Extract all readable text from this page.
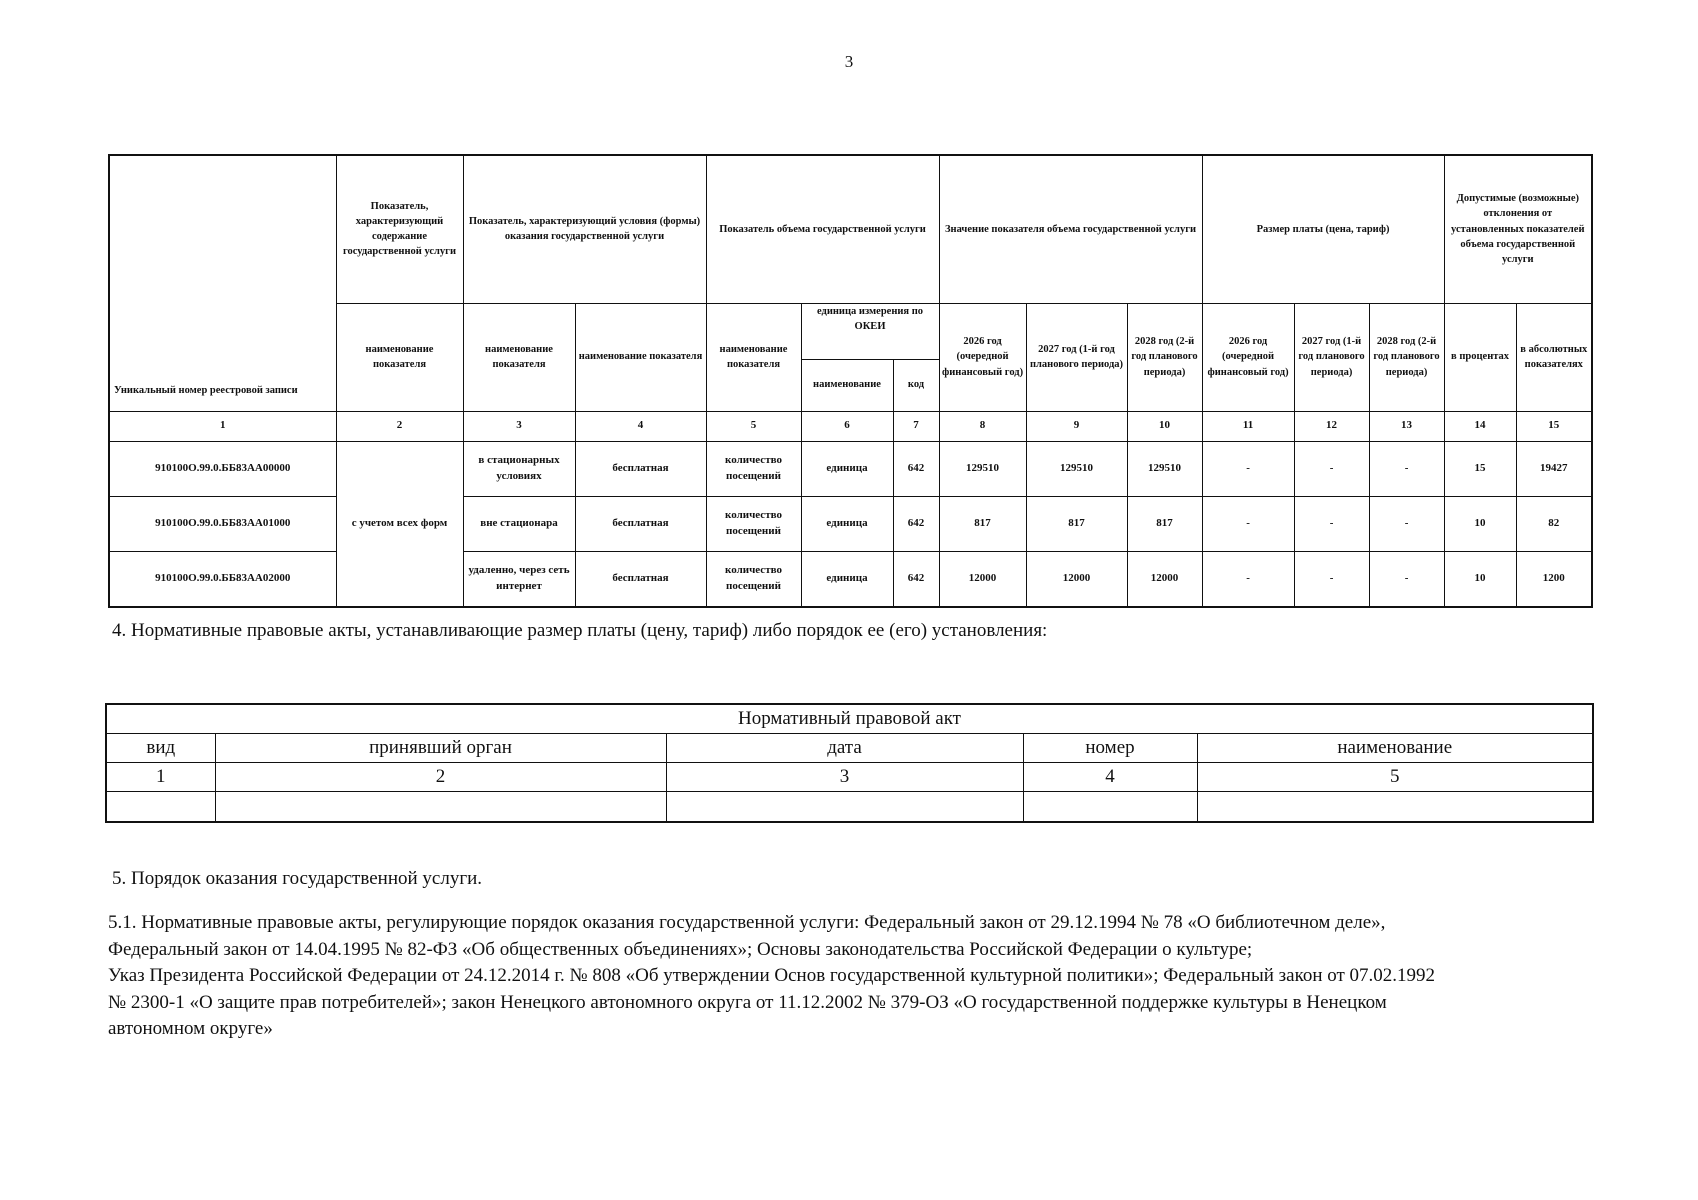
3
Уникальный номер реестровой записи	Показатель, характеризующий содержание государственной услуги	Показатель, характеризующий условия (формы) оказания государственной услуги		Показатель объема государственной услуги			Значение показателя объема государственной услуги			Размер платы (цена, тариф)			Допустимые (возможные) отклонения от установленных показателей объема государственной услуги	
	наименование показателя	наименование показателя	наименование показателя	наименование показателя	единица измерения по ОКЕИ		2026 год (очередной финансовый год)	2027 год (1-й год планового периода)	2028 год (2-й год планового периода)	2026 год (очередной финансовый год)	2027 год (1-й год планового периода)	2028 год (2-й год планового периода)	в процентах	в абсолютных показателях
					наименование	код								
1	2	3	4	5	6	7	8	9	10	11	12	13	14	15
910100О.99.0.ББ83АА00000	с учетом всех форм	в стационарных условиях	бесплатная	количество посещений	единица	642	129510	129510	129510	-	-	-	15	19427
910100О.99.0.ББ83АА01000		вне стационара	бесплатная	количество посещений	единица	642	817	817	817	-	-	-	10	82
910100О.99.0.ББ83АА02000		удаленно, через сеть интернет	бесплатная	количество посещений	единица	642	12000	12000	12000	-	-	-	10	1200
4. Нормативные правовые акты, устанавливающие размер платы (цену, тариф) либо порядок ее (его) установления:
Нормативный правовой акт				
вид	принявший орган	дата	номер	наименование
1	2	3	4	5

5. Порядок оказания государственной услуги.
5.1. Нормативные правовые акты, регулирующие порядок оказания государственной услуги: Федеральный закон от 29.12.1994 № 78 «О библиотечном деле»,
Федеральный закон от 14.04.1995 № 82-ФЗ «Об общественных объединениях»; Основы законодательства Российской Федерации о культуре;
Указ Президента Российской Федерации от 24.12.2014 г. № 808 «Об утверждении Основ государственной культурной политики»; Федеральный закон от 07.02.1992
№ 2300-1 «О защите прав потребителей»; закон Ненецкого автономного округа от 11.12.2002 № 379-ОЗ «О государственной поддержке культуры в Ненецком
автономном округе»
